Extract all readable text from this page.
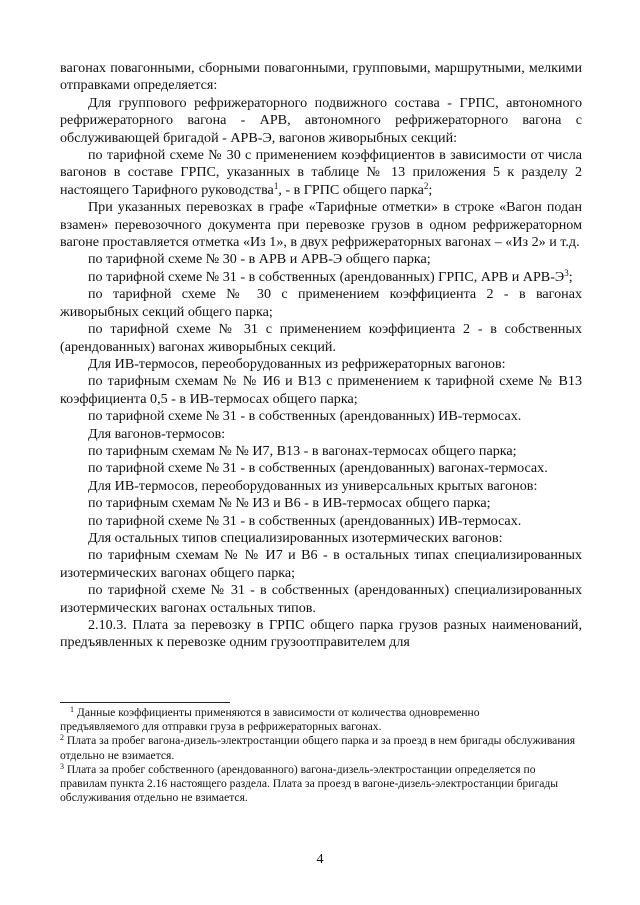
вагонах повагонными, сборными повагонными, групповыми, маршрутными, мелкими отправками определяется:

Для группового рефрижераторного подвижного состава - ГРПС, автономного рефрижераторного вагона - АРВ, автономного рефрижераторного вагона с обслуживающей бригадой - АРВ-Э, вагонов живорыбных секций:

по тарифной схеме № 30 с применением коэффициентов в зависимости от числа вагонов в составе ГРПС, указанных в таблице № 13 приложения 5 к разделу 2 настоящего Тарифного руководства$^1$, - в ГРПС общего парка$^2$;

При указанных перевозках в графе «Тарифные отметки» в строке «Вагон подан взамен» перевозочного документа при перевозке грузов в одном рефрижераторном вагоне проставляется отметка «Из 1», в двух рефрижераторных вагонах – «Из 2» и т.д.

по тарифной схеме № 30 - в АРВ и АРВ-Э общего парка;

по тарифной схеме № 31 - в собственных (арендованных) ГРПС, АРВ и АРВ-$Э^3$;

по тарифной схеме № 30 с применением коэффициента 2 - в вагонах живорыбных секций общего парка;

по тарифной схеме № 31 с применением коэффициента 2 - в собственных (арендованных) вагонах живорыбных секций.

Для ИВ-термосов, переоборудованных из рефрижераторных вагонов:

по тарифным схемам № № И6 и В13 с применением к тарифной схеме № В13 коэффициента 0,5 - в ИВ-термосах общего парка;

по тарифной схеме № 31 - в собственных (арендованных) ИВ-термосах.

Для вагонов-термосов:

по тарифным схемам № № И7, В13 - в вагонах-термосах общего парка;

по тарифной схеме № 31 - в собственных (арендованных) вагонах-термосах.

Для ИВ-термосов, переоборудованных из универсальных крытых вагонов:

по тарифным схемам № № И3 и В6 - в ИВ-термосах общего парка;

по тарифной схеме № 31 - в собственных (арендованных) ИВ-термосах.

Для остальных типов специализированных изотермических вагонов:

по тарифным схемам № № И7 и В6 - в остальных типах специализированных изотермических вагонах общего парка;

по тарифной схеме № 31 - в собственных (арендованных) специализированных изотермических вагонах остальных типов.

2.10.3. Плата за перевозку в ГРПС общего парка грузов разных наименований, предъявленных к перевозке одним грузоотправителем для

$^1$ Данные коэффициенты применяются в зависимости от количества одновременно
предъявляемого для отправки груза в рефрижераторных вагонах.
$^2$ Плата за пробег вагона-дизель-электростанции общего парка и за проезд в нем бригады обслуживания отдельно не взимается.
$^3$ Плата за пробег собственного (арендованного) вагона-дизель-электростанции определяется по правилам пункта 2.16 настоящего раздела. Плата за проезд в вагоне-дизель-электростанции бригады обслуживания отдельно не взимается.
4
